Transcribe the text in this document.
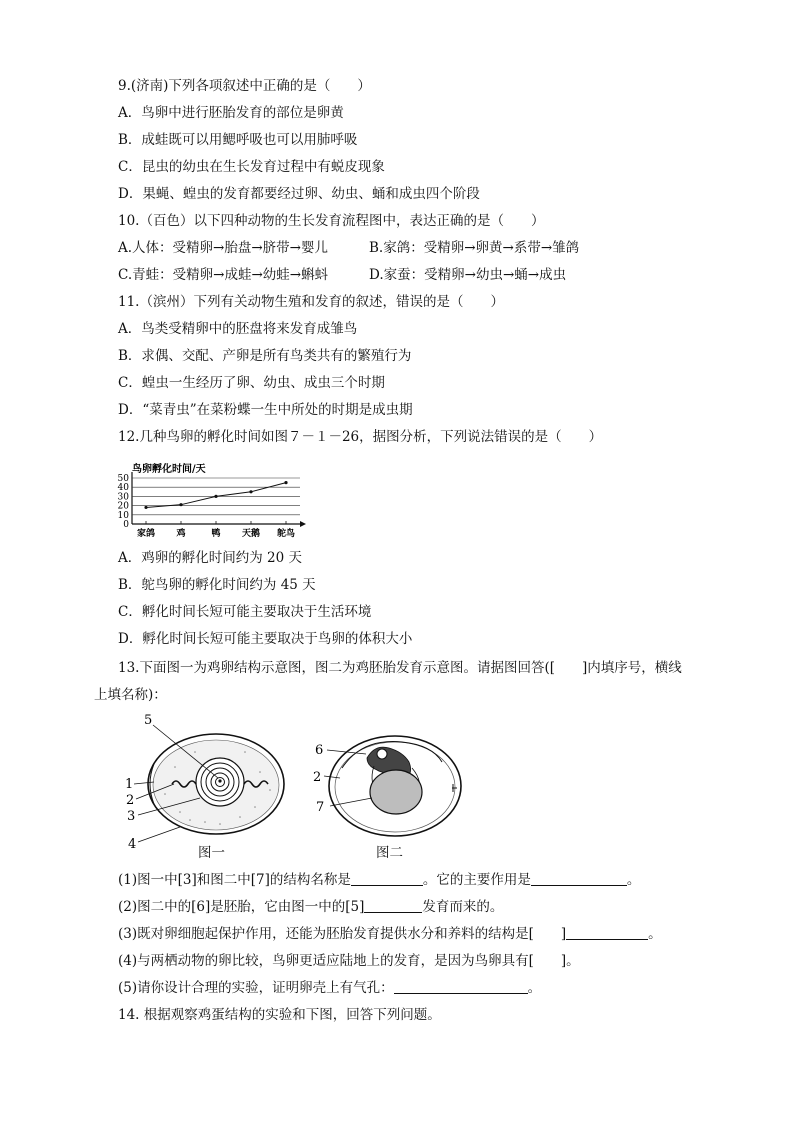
9.(济南)下列各项叙述中正确的是（　　）
A．鸟卵中进行胚胎发育的部位是卵黄
B．成蛙既可以用鳃呼吸也可以用肺呼吸
C．昆虫的幼虫在生长发育过程中有蜕皮现象
D．果蝇、蝗虫的发育都要经过卵、幼虫、蛹和成虫四个阶段
10.（百色）以下四种动物的生长发育流程图中，表达正确的是（　　）
A.人体：受精卵→胎盘→脐带→婴儿	B.家鸽：受精卵→卵黄→系带→雏鸽
C.青蛙：受精卵→成蛙→幼蛙→蝌蚪	D.家蚕：受精卵→幼虫→蛹→成虫
11.（滨州）下列有关动物生殖和发育的叙述，错误的是（　　）
A．鸟类受精卵中的胚盘将来发育成雏鸟
B．求偶、交配、产卵是所有鸟类共有的繁殖行为
C．蝗虫一生经历了卵、幼虫、成虫三个时期
D．“菜青虫”在菜粉蝶一生中所处的时期是成虫期
12.几种鸟卵的孵化时间如图７－１－26，据图分析，下列说法错误的是（　　）
鸟卵孵化时间/天
50
40
30
20
10
0
家鸽 鸡	鸭 天鹅 鸵鸟
A．鸡卵的孵化时间约为 20 天
B．鸵鸟卵的孵化时间约为 45 天
C．孵化时间长短可能主要取决于生活环境
D．孵化时间长短可能主要取决于鸟卵的体积大小
13.下面图一为鸡卵结构示意图，图二为鸡胚胎发育示意图。请据图回答([　　]内填序号，横线
上填名称)：
5
1
2
3
4
图一
6
2
7
图二
(1)图一中[3]和图二中[7]的结构名称是	。它的主要作用是	。
(2)图二中的[6]是胚胎，它由图一中的[5]	发育而来的。
(3)既对卵细胞起保护作用，还能为胚胎发育提供水分和养料的结构是[　　]	。
(4)与两栖动物的卵比较，鸟卵更适应陆地上的发育，是因为鸟卵具有[　　]。
(5)请你设计合理的实验，证明卵壳上有气孔：	。
14. 根据观察鸡蛋结构的实验和下图，回答下列问题。
